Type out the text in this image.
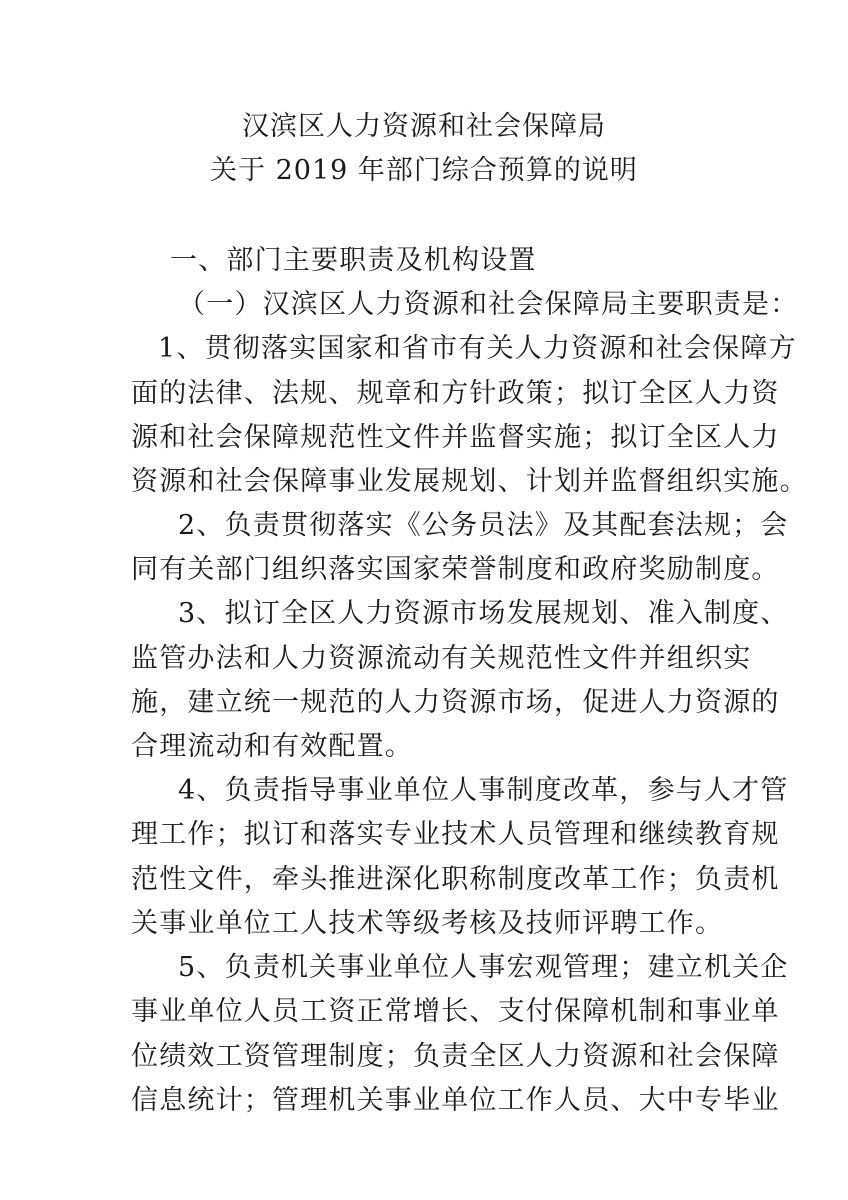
汉滨区人力资源和社会保障局
关于 2019 年部门综合预算的说明
一、部门主要职责及机构设置
（一）汉滨区人力资源和社会保障局主要职责是：
1、贯彻落实国家和省市有关人力资源和社会保障方
面的法律、法规、规章和方针政策；拟订全区人力资
源和社会保障规范性文件并监督实施；拟订全区人力
资源和社会保障事业发展规划、计划并监督组织实施。
2、负责贯彻落实《公务员法》及其配套法规；会
同有关部门组织落实国家荣誉制度和政府奖励制度。
3、拟订全区人力资源市场发展规划、准入制度、
监管办法和人力资源流动有关规范性文件并组织实
施，建立统一规范的人力资源市场，促进人力资源的
合理流动和有效配置。
4、负责指导事业单位人事制度改革，参与人才管
理工作；拟订和落实专业技术人员管理和继续教育规
范性文件，牵头推进深化职称制度改革工作；负责机
关事业单位工人技术等级考核及技师评聘工作。
5、负责机关事业单位人事宏观管理；建立机关企
事业单位人员工资正常增长、支付保障机制和事业单
位绩效工资管理制度；负责全区人力资源和社会保障
信息统计；管理机关事业单位工作人员、大中专毕业
